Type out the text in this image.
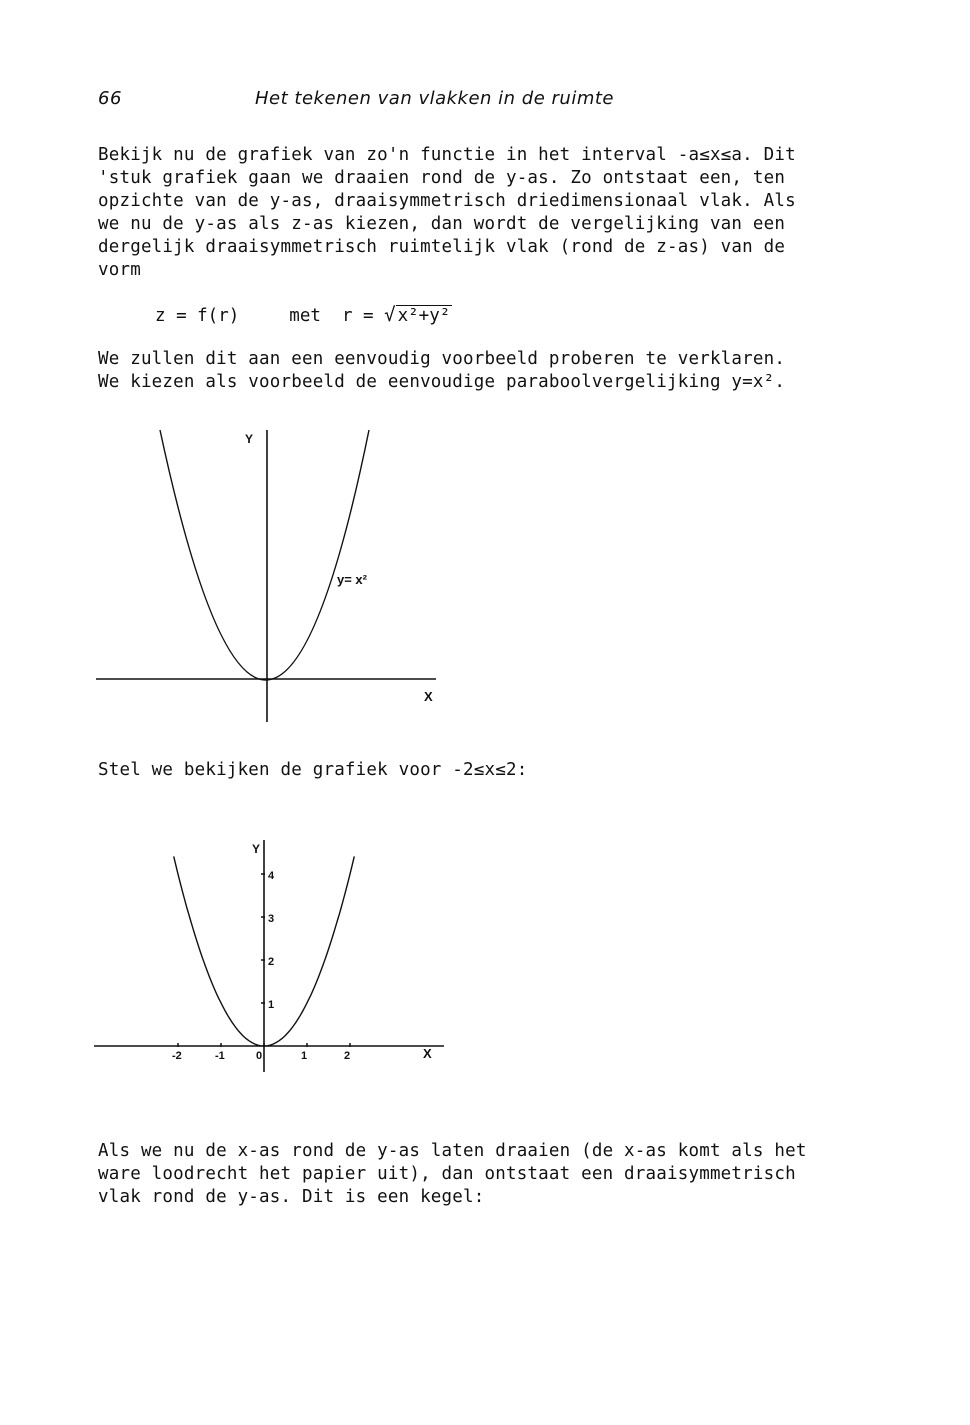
66	Het tekenen van vlakken in de ruimte

Bekijk nu de grafiek van zo'n functie in het interval -a≤x≤a. Dit
'stuk grafiek gaan we draaien rond de y-as. Zo ontstaat een, ten
opzichte van de y-as, draaisymmetrisch driedimensionaal vlak. Als
we nu de y-as als z-as kiezen, dan wordt de vergelijking van een
dergelijk draaisymmetrisch ruimtelijk vlak (rond de z-as) van de
vorm

z = f(r)	met r = √ x²+y²

We zullen dit aan een eenvoudig voorbeeld proberen te verklaren.
We kiezen als voorbeeld de eenvoudige paraboolvergelijking y=x².

Y
X
y= x²

Stel we bekijken de grafiek voor -2≤x≤2:

Y
X
-2	-1	0	1	2
1
2
3
4

Als we nu de x-as rond de y-as laten draaien (de x-as komt als het
ware loodrecht het papier uit), dan ontstaat een draaisymmetrisch
vlak rond de y-as. Dit is een kegel:
